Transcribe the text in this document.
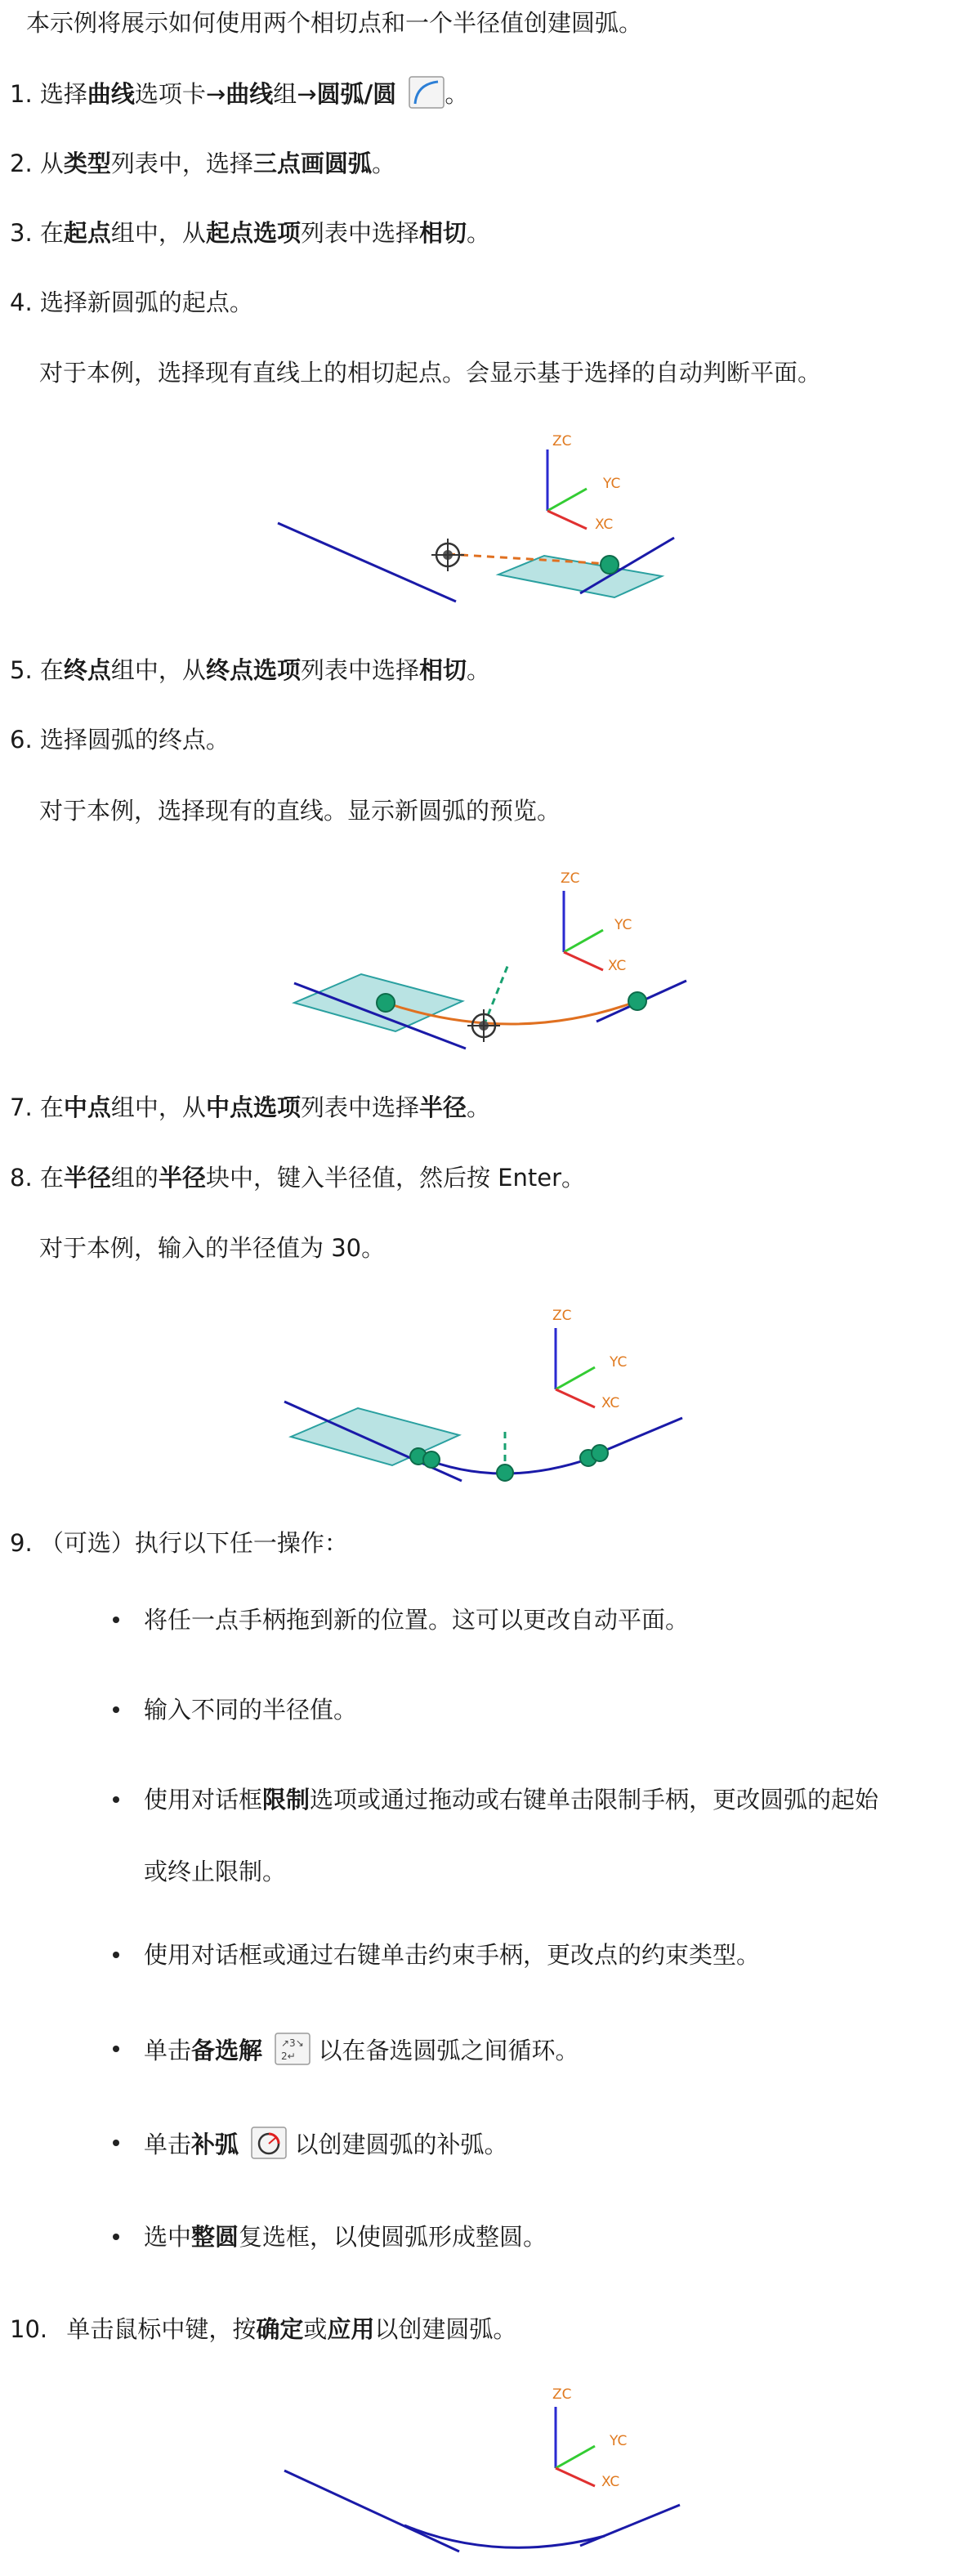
本示例将展示如何使用两个相切点和一个半径值创建圆弧。
1. 选择曲线选项卡→曲线组→圆弧/圆 。
2. 从类型列表中，选择三点画圆弧。
3. 在起点组中，从起点选项列表中选择相切。
4. 选择新圆弧的起点。
对于本例，选择现有直线上的相切起点。会显示基于选择的自动判断平面。
ZC
YC
XC
5. 在终点组中，从终点选项列表中选择相切。
6. 选择圆弧的终点。
对于本例，选择现有的直线。显示新圆弧的预览。
ZC
YC
XC
7. 在中点组中，从中点选项列表中选择半径。
8. 在半径组的半径块中，键入半径值，然后按 Enter。
对于本例，输入的半径值为 30。
ZC
YC
XC
9. （可选）执行以下任一操作：
将任一点手柄拖到新的位置。这可以更改自动平面。
输入不同的半径值。
使用对话框限制选项或通过拖动或右键单击限制手柄，更改圆弧的起始
或终止限制。
使用对话框或通过右键单击约束手柄，更改点的约束类型。
单击备选解 ↗3↘
2↵ 以在备选圆弧之间循环。
单击补弧 以创建圆弧的补弧。
选中整圆复选框，以使圆弧形成整圆。
10. 单击鼠标中键，按确定或应用以创建圆弧。
ZC
YC
XC
